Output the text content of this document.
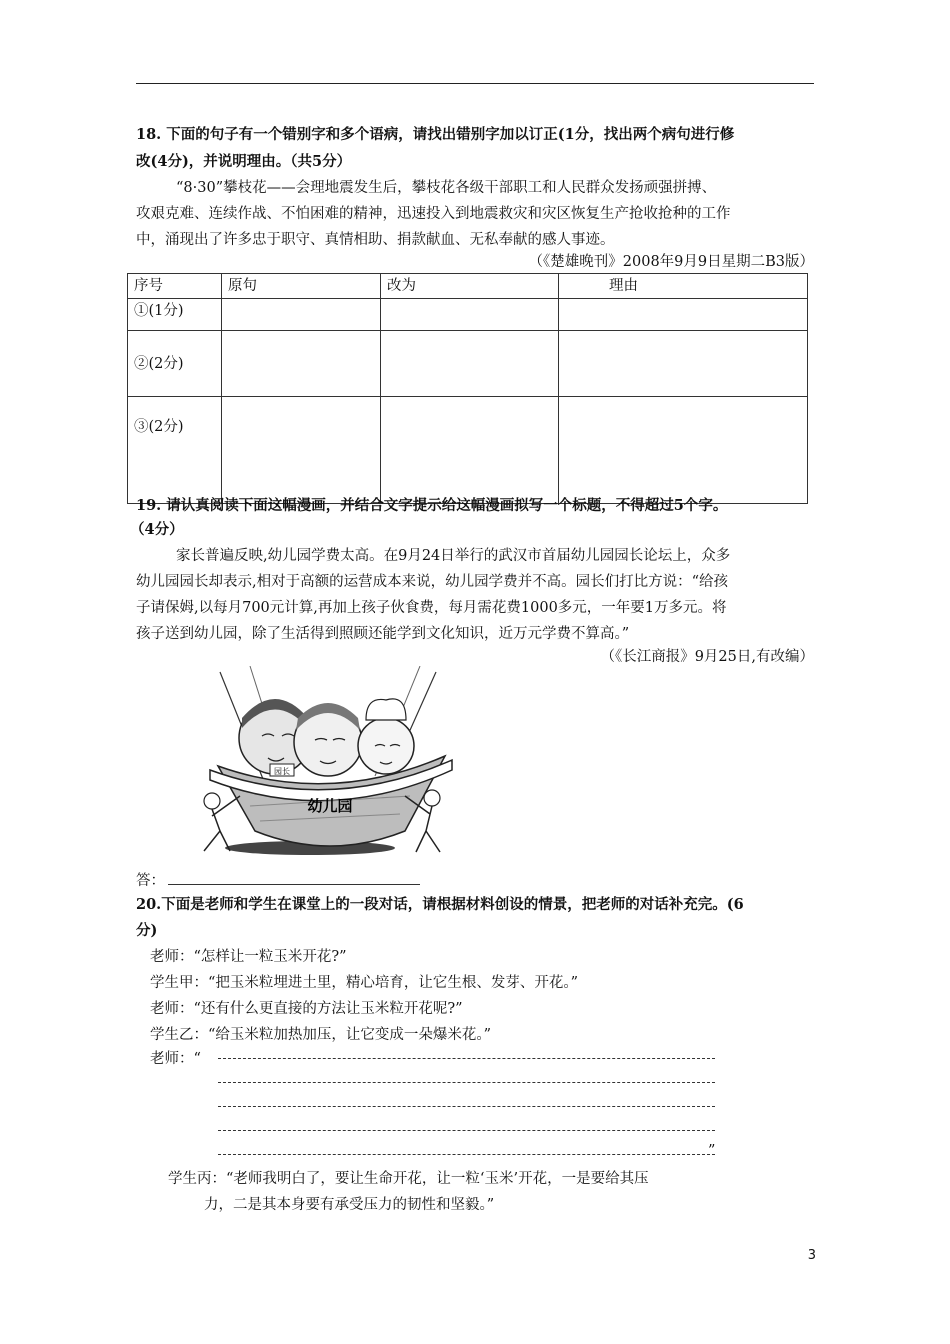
18. 下面的句子有一个错别字和多个语病，请找出错别字加以订正(1分，找出两个病句进行修
改(4分)，并说明理由。（共5分）
“8·30”攀枝花——会理地震发生后，攀枝花各级干部职工和人民群众发扬顽强拼搏、
攻艰克难、连续作战、不怕困难的精神，迅速投入到地震救灾和灾区恢复生产抢收抢种的工作
中，涌现出了许多忠于职守、真情相助、捐款献血、无私奉献的感人事迹。
（《楚雄晚刊》2008年9月9日星期二B3版）
序号	原句	改为	理由
①(1分)			
②(2分)			
③(2分)			
19. 请认真阅读下面这幅漫画，并结合文字提示给这幅漫画拟写一个标题，不得超过5个字。
（4分）
家长普遍反映,幼儿园学费太高。在9月24日举行的武汉市首届幼儿园园长论坛上，众多
幼儿园园长却表示,相对于高额的运营成本来说，幼儿园学费并不高。园长们打比方说：“给孩
子请保姆,以每月700元计算,再加上孩子伙食费，每月需花费1000多元，一年要1万多元。将
孩子送到幼儿园，除了生活得到照顾还能学到文化知识，近万元学费不算高。”
（《长江商报》9月25日,有改编）
园长
幼儿园
答：
20.下面是老师和学生在课堂上的一段对话，请根据材料创设的情景，把老师的对话补充完。(6
分)
老师：“怎样让一粒玉米开花?”
学生甲：“把玉米粒埋进土里，精心培育，让它生根、发芽、开花。”
老师：“还有什么更直接的方法让玉米粒开花呢?”
学生乙：“给玉米粒加热加压，让它变成一朵爆米花。”
老师：“
”
学生丙：“老师我明白了，要让生命开花，让一粒‘玉米’开花，一是要给其压
力，二是其本身要有承受压力的韧性和坚毅。”
3
